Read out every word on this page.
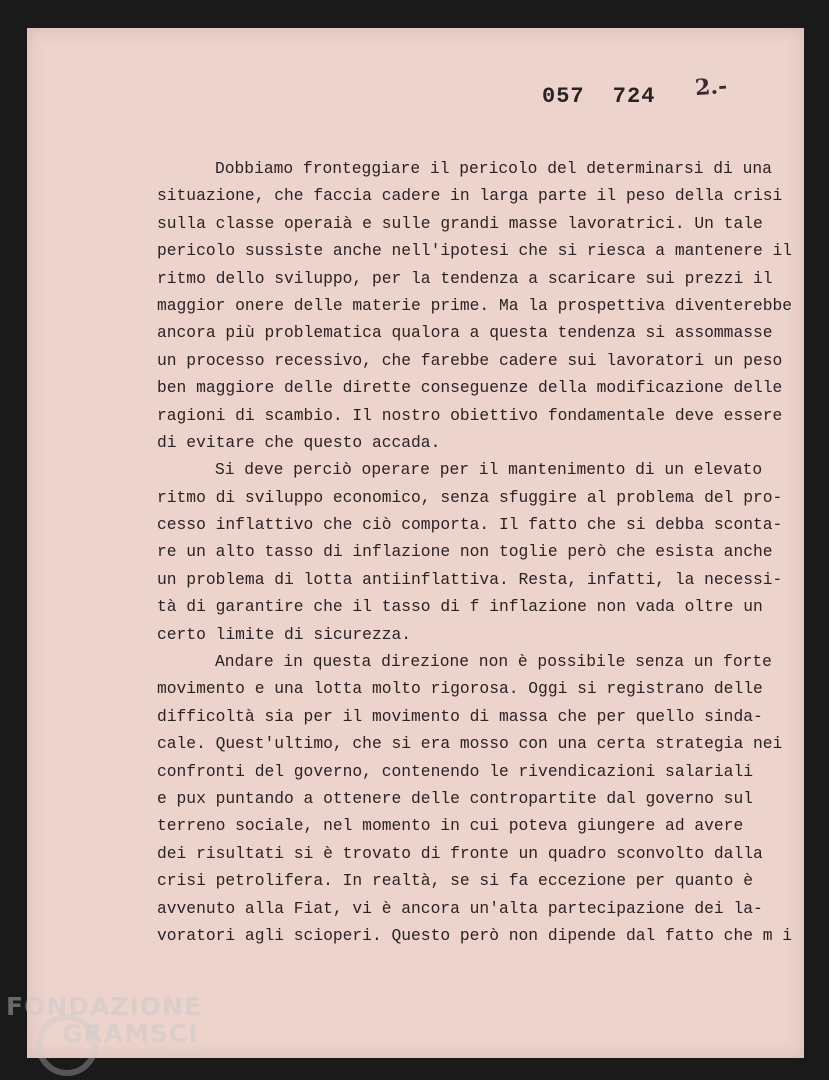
057 724 2.-
Dobbiamo fronteggiare il pericolo del determinarsi di una
situazione, che faccia cadere in larga parte il peso della crisi
sulla classe operaià e sulle grandi masse lavoratrici. Un tale
pericolo sussiste anche nell'ipotesi che si riesca a mantenere il
ritmo dello sviluppo, per la tendenza a scaricare sui prezzi il
maggior onere delle materie prime. Ma la prospettiva diventerebbe
ancora più problematica qualora a questa tendenza si assommasse
un processo recessivo, che farebbe cadere sui lavoratori un peso
ben maggiore delle dirette conseguenze della modificazione delle
ragioni di scambio. Il nostro obiettivo fondamentale deve essere
di evitare che questo accada.
Si deve perciò operare per il mantenimento di un elevato
ritmo di sviluppo economico, senza sfuggire al problema del pro-
cesso inflattivo che ciò comporta. Il fatto che si debba sconta-
re un alto tasso di inflazione non toglie però che esista anche
un problema di lotta antiinflattiva. Resta, infatti, la necessi-
tà di garantire che il tasso di f inflazione non vada oltre un
certo limite di sicurezza.
Andare in questa direzione non è possibile senza un forte
movimento e una lotta molto rigorosa. Oggi si registrano delle
difficoltà sia per il movimento di massa che per quello sinda-
cale. Quest'ultimo, che si era mosso con una certa strategia nei
confronti del governo, contenendo le rivendicazioni salariali
e pux puntando a ottenere delle contropartite dal governo sul
terreno sociale, nel momento in cui poteva giungere ad avere
dei risultati si è trovato di fronte un quadro sconvolto dalla
crisi petrolifera. In realtà, se si fa eccezione per quanto è
avvenuto alla Fiat, vi è ancora un'alta partecipazione dei la-
voratori agli scioperi. Questo però non dipende dal fatto che m i
FONDAZIONE
GRAMSCI
onlus
